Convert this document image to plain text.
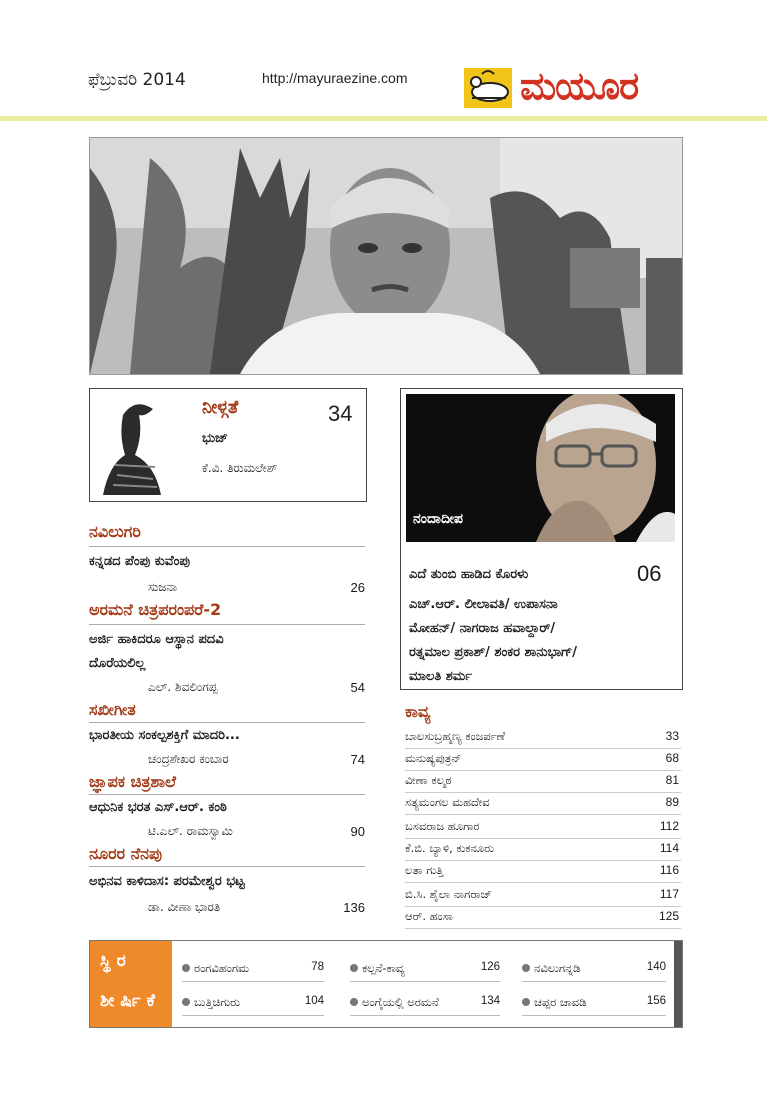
ಫೆಬ್ರುವರಿ 2014	http://mayuraezine.com	ಮಯೂರ
ನೀಳ್ಗತೆ	34
ಭುಜ್
ಕೆ.ವಿ. ತಿರುಮಲೇಶ್
ನಂದಾದೀಪ
ಎದೆ ತುಂಬಿ ಹಾಡಿದ ಕೊರಳು	06
ಎಚ್.ಆರ್. ಲೀಲಾವತಿ/ ಉಪಾಸನಾ
ಮೋಹನ್/ ನಾಗರಾಜ ಹವಾಲ್ದಾರ್/
ರತ್ನಮಾಲ ಪ್ರಕಾಶ್/ ಶಂಕರ ಶಾನುಭಾಗ್/
ಮಾಲತಿ ಶರ್ಮ
ನವಿಲುಗರಿ
ಕನ್ನಡದ ಪೆಂಪು ಕುವೆಂಪು
ಸುಜನಾ	26
ಅರಮನೆ ಚಿತ್ರಪರಂಪರೆ-2
ಅರ್ಜಿ ಹಾಕಿದರೂ ಆಸ್ಥಾನ ಪದವಿ
ದೊರೆಯಲಿಲ್ಲ
ಎಲ್. ಶಿವಲಿಂಗಪ್ಪ	54
ಸಖೀಗೀತ
ಭಾರತೀಯ ಸಂಕಲ್ಪಶಕ್ತಿಗೆ ಮಾದರಿ...
ಚಂದ್ರಶೇಖರ ಕಂಬಾರ	74
ಜ್ಞಾಪಕ ಚಿತ್ರಶಾಲೆ
ಆಧುನಿಕ ಭರತ ಎಸ್.ಆರ್. ಕಂಠಿ
ಟಿ.ಎಲ್. ರಾಮಸ್ವಾಮಿ	90
ನೂರರ ನೆನಪು
ಅಭಿನವ ಕಾಳಿದಾಸ: ಪರಮೇಶ್ವರ ಭಟ್ಟ
ಡಾ. ವೀಣಾ ಭಾರತಿ	136
ಕಾವ್ಯ
ಬಾಲಸುಬ್ರಹ್ಮಣ್ಯ ಕಂಜರ್ಪಣೆ	33
ಮನುಷ್ಯಪುತ್ರನ್	68
ವೀಣಾ ಕಲ್ಮಠ	81
ಸತ್ಯಮಂಗಲ ಮಹದೇವ	89
ಬಸವರಾಜ ಹೂಗಾರ	112
ಕೆ.ಬಿ. ಬ್ಯಾಳಿ, ಕುಕನೂರು	114
ಲತಾ ಗುತ್ತಿ	116
ಬಿ.ಸಿ. ಶೈಲಾ ನಾಗರಾಜ್	117
ಆರ್. ಹಂಸಾ	125
ಸ್ಥಿರ
ಶೀರ್ಷಿಕೆ
ರಂಗವಿಹಂಗಮ	78	ಕಲ್ಪನೆ-ಕಾವ್ಯ	126	ನವಿಲುಗನ್ನಡಿ	140
ಬುತ್ತಿಚಿಗುರು	104	ಅಂಗೈಯಲ್ಲಿ ಅರಮನೆ	134	ಚಪ್ಪರ ಚಾವಡಿ	156
